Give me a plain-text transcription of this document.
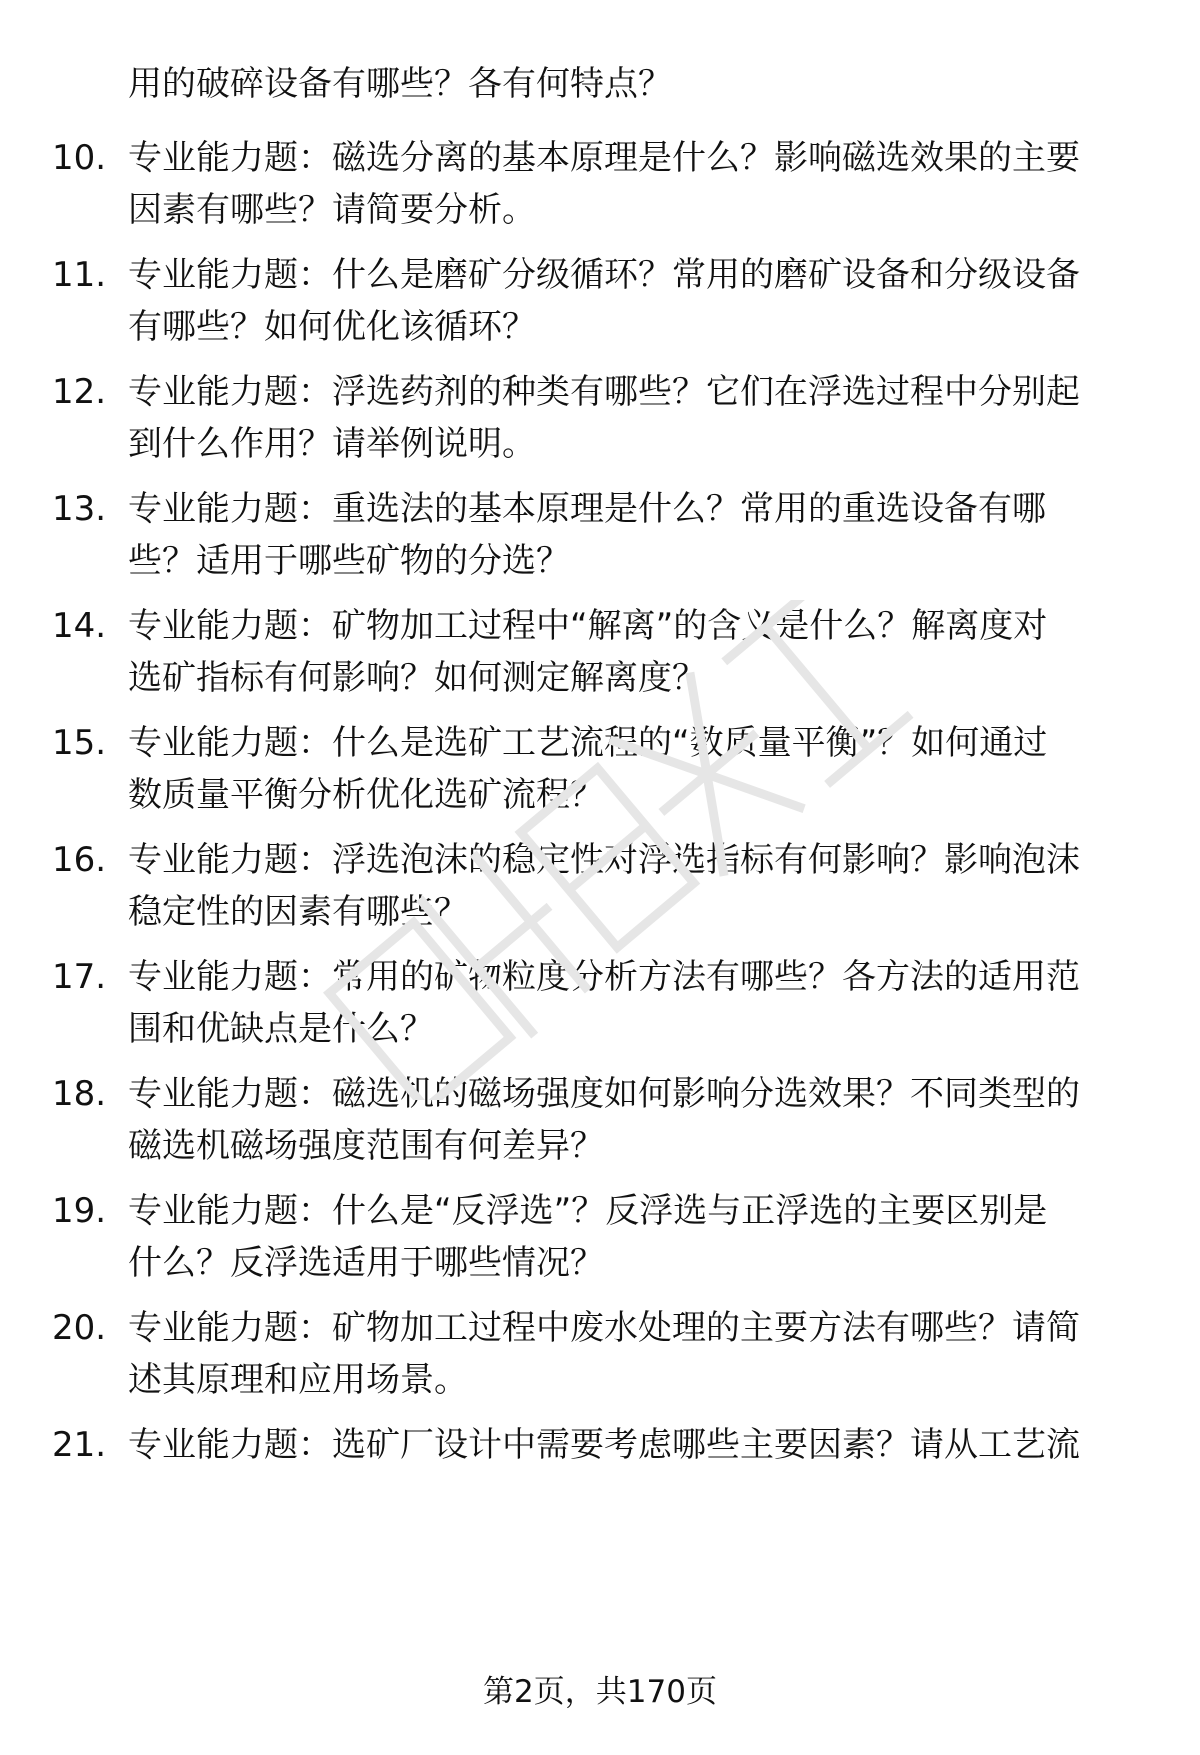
用的破碎设备有哪些？各有何特点？
10. 专业能力题：磁选分离的基本原理是什么？影响磁选效果的主要
因素有哪些？请简要分析。
11. 专业能力题：什么是磨矿分级循环？常用的磨矿设备和分级设备
有哪些？如何优化该循环？
12. 专业能力题：浮选药剂的种类有哪些？它们在浮选过程中分别起
到什么作用？请举例说明。
13. 专业能力题：重选法的基本原理是什么？常用的重选设备有哪
些？适用于哪些矿物的分选？
14. 专业能力题：矿物加工过程中“解离”的含义是什么？解离度对
选矿指标有何影响？如何测定解离度？
15. 专业能力题：什么是选矿工艺流程的“数质量平衡”？如何通过
数质量平衡分析优化选矿流程？
16. 专业能力题：浮选泡沫的稳定性对浮选指标有何影响？影响泡沫
稳定性的因素有哪些？
17. 专业能力题：常用的矿物粒度分析方法有哪些？各方法的适用范
围和优缺点是什么？
18. 专业能力题：磁选机的磁场强度如何影响分选效果？不同类型的
磁选机磁场强度范围有何差异？
19. 专业能力题：什么是“反浮选”？反浮选与正浮选的主要区别是
什么？反浮选适用于哪些情况？
20. 专业能力题：矿物加工过程中废水处理的主要方法有哪些？请简
述其原理和应用场景。
21. 专业能力题：选矿厂设计中需要考虑哪些主要因素？请从工艺流
第2页，共170页
